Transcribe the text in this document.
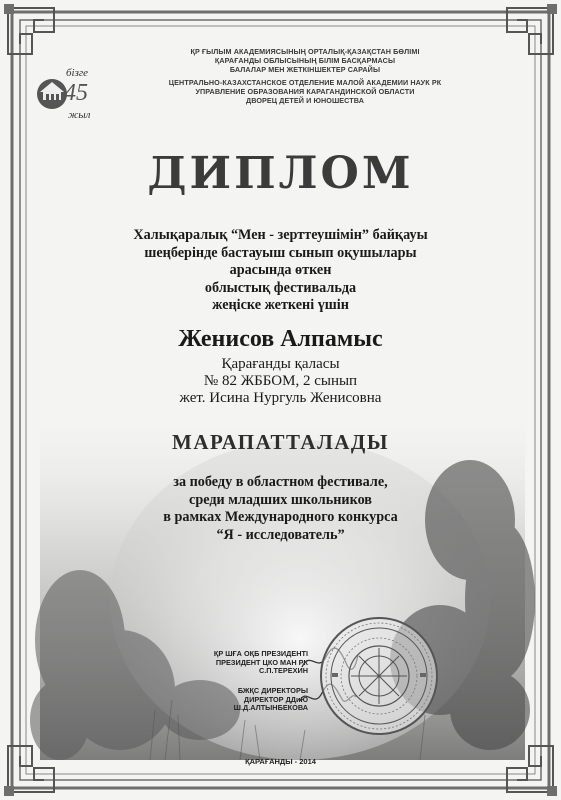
бізге
45
жыл
ҚР ҒЫЛЫМ АКАДЕМИЯСЫНЫҢ ОРТАЛЫҚ-ҚАЗАҚСТАН БӨЛІМІ
ҚАРАҒАНДЫ ОБЛЫСЫНЫҢ БІЛІМ БАСҚАРМАСЫ
БАЛАЛАР МЕН ЖЕТКІНШЕКТЕР САРАЙЫ
ЦЕНТРАЛЬНО-КАЗАХСТАНСКОЕ ОТДЕЛЕНИЕ МАЛОЙ АКАДЕМИИ НАУК РК
УПРАВЛЕНИЕ ОБРАЗОВАНИЯ КАРАГАНДИНСКОЙ ОБЛАСТИ
ДВОРЕЦ ДЕТЕЙ И ЮНОШЕСТВА
ДИПЛОМ
Халықаралық “Мен - зерттеушімін” байқауы
шеңберінде бастауыш сынып оқушылары
арасында өткен
облыстық фестивальда
жеңіске жеткені үшін
Женисов Алпамыс
Қарағанды қаласы
№ 82 ЖББОМ, 2 сынып
жет. Исина Нургуль Женисовна
МАРАПАТТАЛАДЫ
за победу в областном фестивале,
среди младших школьников
в рамках Международного конкурса
“Я - исследователь”
ҚР ШҒА ОҚБ ПРЕЗИДЕНТІ
ПРЕЗИДЕНТ ЦКО МАН РК
С.П.ТЕРЕХИН
БЖҚС ДИРЕКТОРЫ
ДИРЕКТОР ДДиЮ
Ш.Д.АЛТЫНБЕКОВА
ҚАРАҒАНДЫ - 2014
